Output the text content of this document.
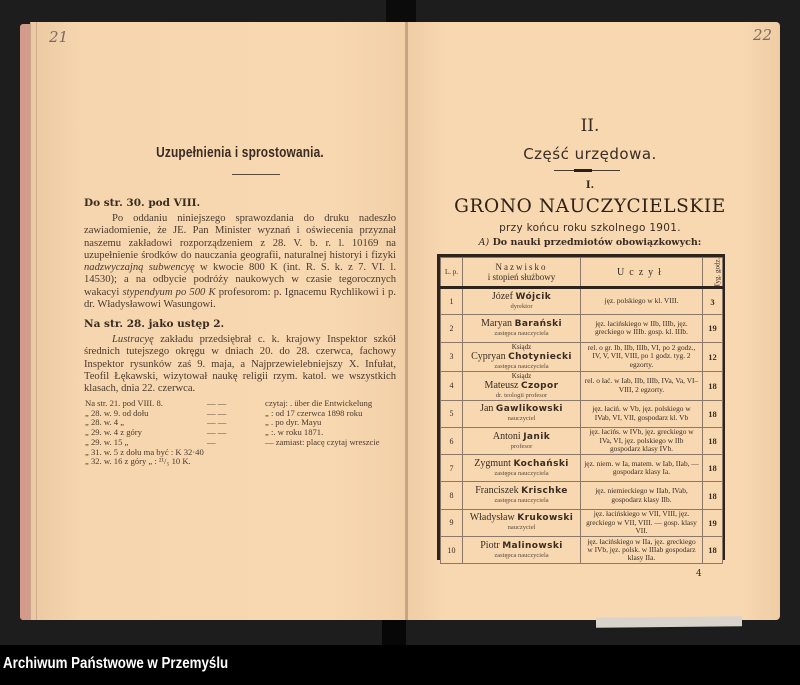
21
Uzupełnienia i sprostowania.
Do str. 30. pod VIII.
Po oddaniu niniejszego sprawozdania do druku nadeszło zawiadomienie, że JE. Pan Minister wyznań i oświecenia przyznał naszemu zakładowi rozporządzeniem z 28. V. b. r. l. 10169 na uzupełnienie środków do nauczania geografii, naturalnej historyi i fizyki nadzwyczajną subwencyę w kwocie 800 K (int. R. S. k. z 7. VI. l. 14530); a na odbycie podróży naukowych w czasie tegorocznych wakacyi stypendyum po 500 K profesorom: p. Ignacemu Rychlikowi i p. dr. Władysławowi Wasungowi.
Na str. 28. jako ustęp 2.
Lustracyę zakładu przedsiębrał c. k. krajowy Inspektor szkół średnich tutejszego okręgu w dniach 20. do 28. czerwca, fachowy Inspektor rysunków zaś 9. maja, a Najprzewielebniejszy X. Infułat, Teofil Łękawski, wizytował naukę religii rzym. katol. we wszystkich klasach, dnia 22. czerwca.
Na str. 21. pod VIII. 8.	— —	czytaj: . über die Entwickelung
„ 28. w. 9. od dołu	— —	„ : od 17 czerwca 1898 roku
„ 28. w. 4 „	— —	„ . po dyr. Mayu
„ 29. w. 4 z góry	— —	„ :. w roku 1871.
„ 29. w. 15 „	—	— zamiast: placę czytaj wreszcie
„ 31. w. 5 z dołu ma być : K 32·40
„ 32. w. 16 z góry „ : ²¹/₅ 10 K.
22
II.
Część urzędowa.
I.
GRONO NAUCZYCIELSKIE
przy końcu roku szkolnego 1901.
A) Do nauki przedmiotów obowiązkowych:
L. p.	Nazwisko
i stopień służbowy	Uczył	Tyg. godz.
1	Józef Wójcik
dyrektor	jęz. polskiego w kl. VIII.	3
2	Maryan Barański
zastępca nauczyciela	jęz. łacińskiego w IIb, IIIb, jęz. greckiego w IIIb. gosp. kl. IIIb.	19
3	Ksiądz
Cypryan Chotyniecki
zastępca nauczyciela	rel. o gr. Ib, IIb, IIIb, VI, po 2 godz., IV, V, VII, VIII, po 1 godz. tyg. 2 egzorty.	12
4	Ksiądz
Mateusz Czopor
dr. teologii profesor	rel. o łać. w Iab, IIb, IIIb, IVa, Va, VI–VIII, 2 egzorty.	18
5	Jan Gawlikowski
nauczyciel	jęz. łaciń. w Vb, jęz. polskiego w IVab, VI, VII, gospodarz kl. Vb	18
6	Antoni Janik
profesor	jęz. łacińs. w IVb, jęz. greckiego w IVa, VI, jęz. polskiego w IIb gospodarz klasy IVb.	18
7	Zygmunt Kochański
zastępca nauczyciela	jęz. niem. w Ia, matem. w Iab, IIab, — gospodarz klasy Ia.	18
8	Franciszek Krischke
zastępca nauczyciela	jęz. niemieckiego w IIab, IVab, gospodarz klasy IIb.	18
9	Władysław Krukowski
nauczyciel	jęz. łacińskiego w VII, VIII, jęz. greckiego w VII, VIII. — gosp. klasy VII.	19
10	Piotr Malinowski
zastępca nauczyciela	jęz. łacińskiego w IIa, jęz. greckiego w IVb, jęz. polsk. w IIIab gospodarz klasy IIa.	18
4
Archiwum Państwowe w Przemyślu
